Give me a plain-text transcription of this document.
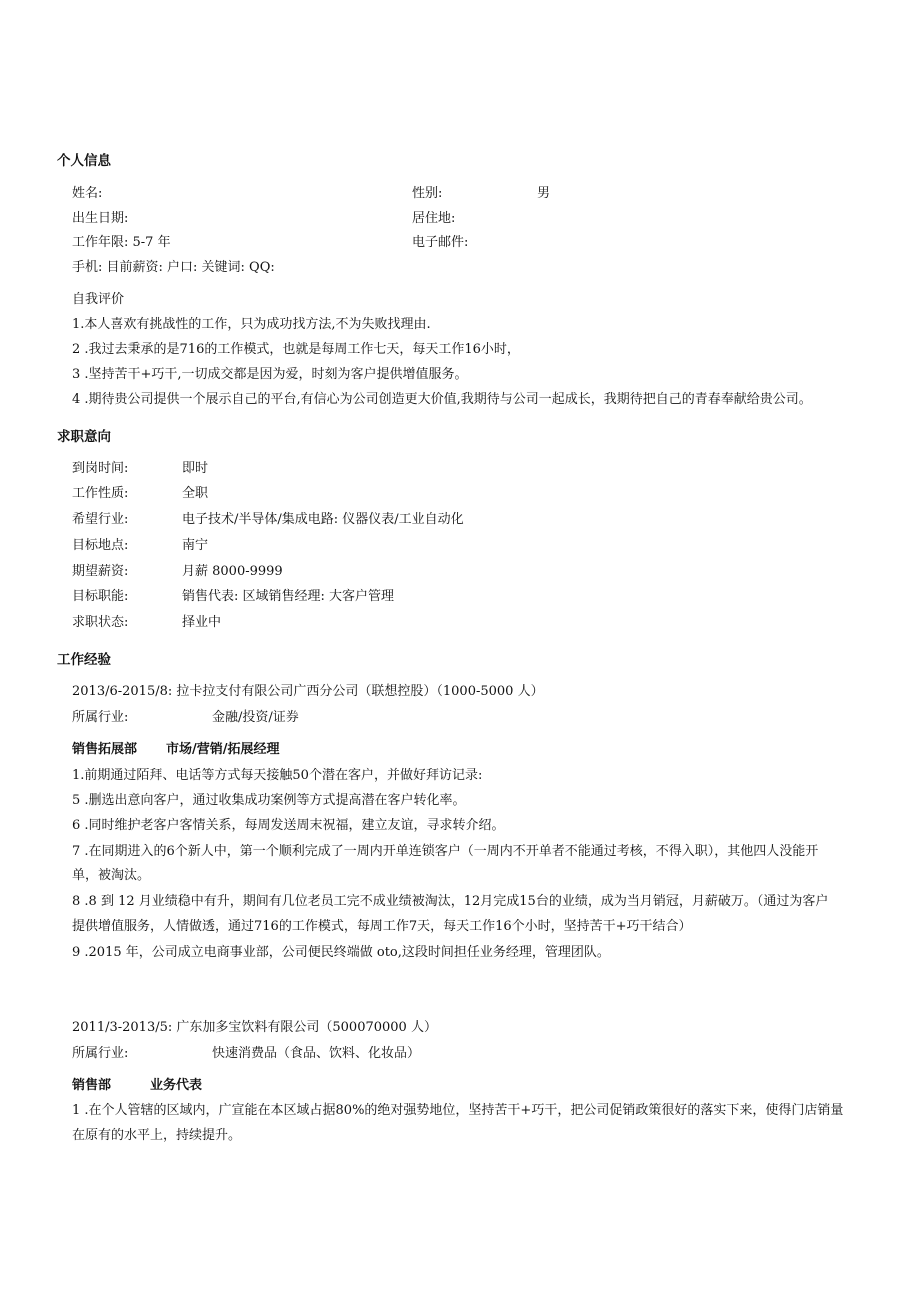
个人信息
姓名:	性别:	男
出生日期:	居住地:
工作年限: 5-7 年	电子邮件:
手机: 目前薪资: 户口: 关键词: QQ:
自我评价
1.本人喜欢有挑战性的工作，只为成功找方法,不为失败找理由.
2 .我过去秉承的是716的工作模式，也就是每周工作七天，每天工作16小时，
3 .坚持苦干+巧干,一切成交都是因为爱，时刻为客户提供增值服务。
4 .期待贵公司提供一个展示自己的平台,有信心为公司创造更大价值,我期待与公司一起成长，我期待把自己的青春奉献给贵公司。
求职意向
到岗时间:	即时
工作性质:	全职
希望行业:	电子技术/半导体/集成电路: 仪器仪表/工业自动化
目标地点:	南宁
期望薪资:	月薪 8000-9999
目标职能:	销售代表: 区域销售经理: 大客户管理
求职状态:	择业中
工作经验
2013/6-2015/8: 拉卡拉支付有限公司广西分公司（联想控股）（1000-5000 人）
所属行业:	金融/投资/证券
销售拓展部 市场/营销/拓展经理
1.前期通过陌拜、电话等方式每天接触50个潜在客户，并做好拜访记录:
5 .删选出意向客户，通过收集成功案例等方式提高潜在客户转化率。
6 .同时维护老客户客情关系，每周发送周末祝福，建立友谊，寻求转介绍。
7 .在同期进入的6个新人中，第一个顺利完成了一周内开单连锁客户（一周内不开单者不能通过考核，不得入职），其他四人没能开
单，被淘汰。
8 .8 到 12 月业绩稳中有升，期间有几位老员工完不成业绩被淘汰，12月完成15台的业绩，成为当月销冠，月薪破万。（通过为客户
提供增值服务，人情做透，通过716的工作模式，每周工作7天，每天工作16个小时，坚持苦干+巧干结合）
9 .2015 年，公司成立电商事业部，公司便民终端做 oto,这段时间担任业务经理，管理团队。
2011/3-2013/5: 广东加多宝饮料有限公司（500070000 人）
所属行业:	快速消费品（食品、饮料、化妆品）
销售部	业务代表
1 .在个人管辖的区域内，广宣能在本区域占据80%的绝对强势地位，坚持苦干+巧干，把公司促销政策很好的落实下来，使得门店销量
在原有的水平上，持续提升。
